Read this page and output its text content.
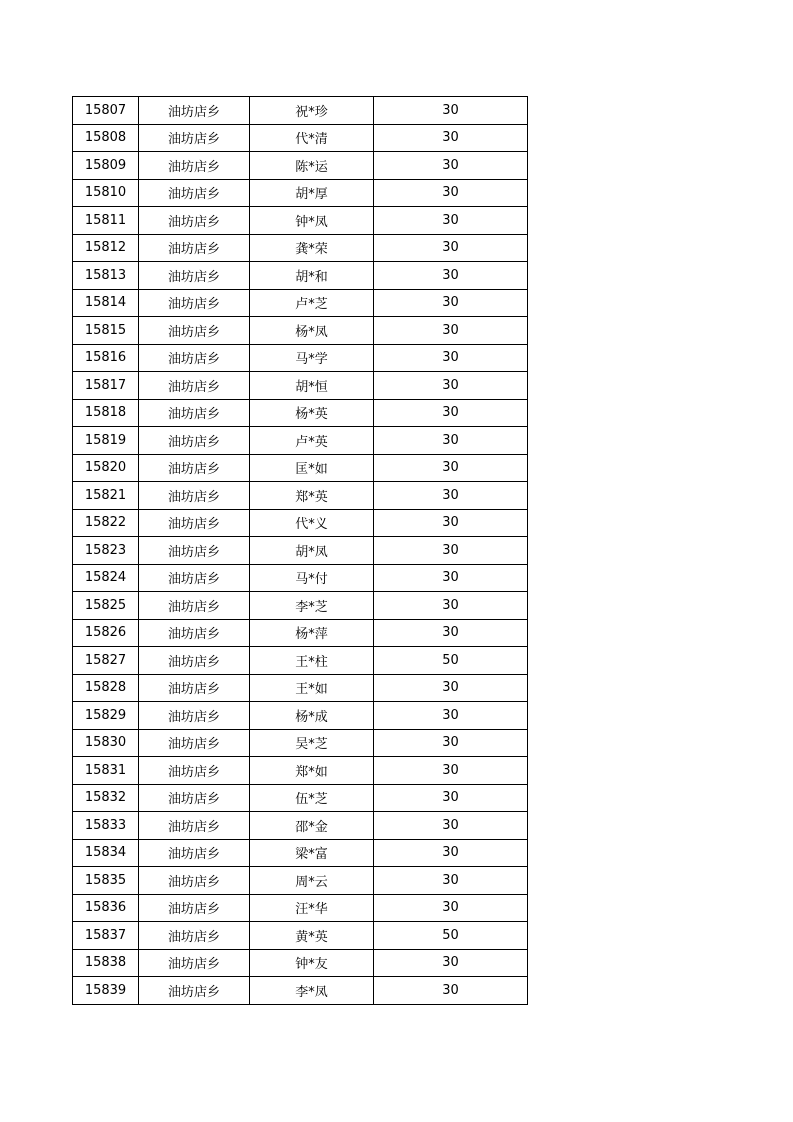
15807	油坊店乡	祝*珍	30
15808	油坊店乡	代*清	30
15809	油坊店乡	陈*运	30
15810	油坊店乡	胡*厚	30
15811	油坊店乡	钟*凤	30
15812	油坊店乡	龚*荣	30
15813	油坊店乡	胡*和	30
15814	油坊店乡	卢*芝	30
15815	油坊店乡	杨*凤	30
15816	油坊店乡	马*学	30
15817	油坊店乡	胡*恒	30
15818	油坊店乡	杨*英	30
15819	油坊店乡	卢*英	30
15820	油坊店乡	匡*如	30
15821	油坊店乡	郑*英	30
15822	油坊店乡	代*义	30
15823	油坊店乡	胡*凤	30
15824	油坊店乡	马*付	30
15825	油坊店乡	李*芝	30
15826	油坊店乡	杨*萍	30
15827	油坊店乡	王*柱	50
15828	油坊店乡	王*如	30
15829	油坊店乡	杨*成	30
15830	油坊店乡	吴*芝	30
15831	油坊店乡	郑*如	30
15832	油坊店乡	伍*芝	30
15833	油坊店乡	邵*金	30
15834	油坊店乡	梁*富	30
15835	油坊店乡	周*云	30
15836	油坊店乡	汪*华	30
15837	油坊店乡	黄*英	50
15838	油坊店乡	钟*友	30
15839	油坊店乡	李*凤	30
